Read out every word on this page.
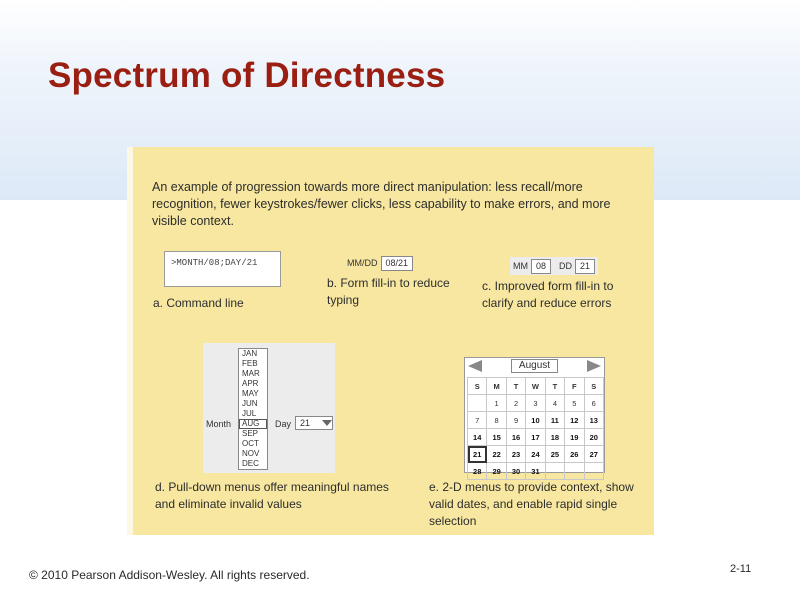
Spectrum of Directness
An example of progression towards more direct manipulation: less recall/more recognition, fewer keystrokes/fewer clicks, less capability to make errors, and more visible context.
>MONTH/08;DAY/21
a. Command line
MM/DD 08/21
b. Form fill-in to reduce typing
MM 08	DD 21
c. Improved form fill-in to clarify and reduce errors
JAN
FEB
MAR
APR
MAY
JUN
JUL
AUG
SEP
OCT
NOV
DEC
Month	Day 21
d. Pull-down menus offer meaningful names and eliminate invalid values
August
S	M	T	W	T	F	S
	1	2	3	4	5	6
7	8	9	10	11	12	13
14	15	16	17	18	19	20
21	22	23	24	25	26	27
28	29	30	31			
e. 2-D menus to provide context, show valid dates, and enable rapid single selection
© 2010 Pearson Addison-Wesley. All rights reserved.	2-11
